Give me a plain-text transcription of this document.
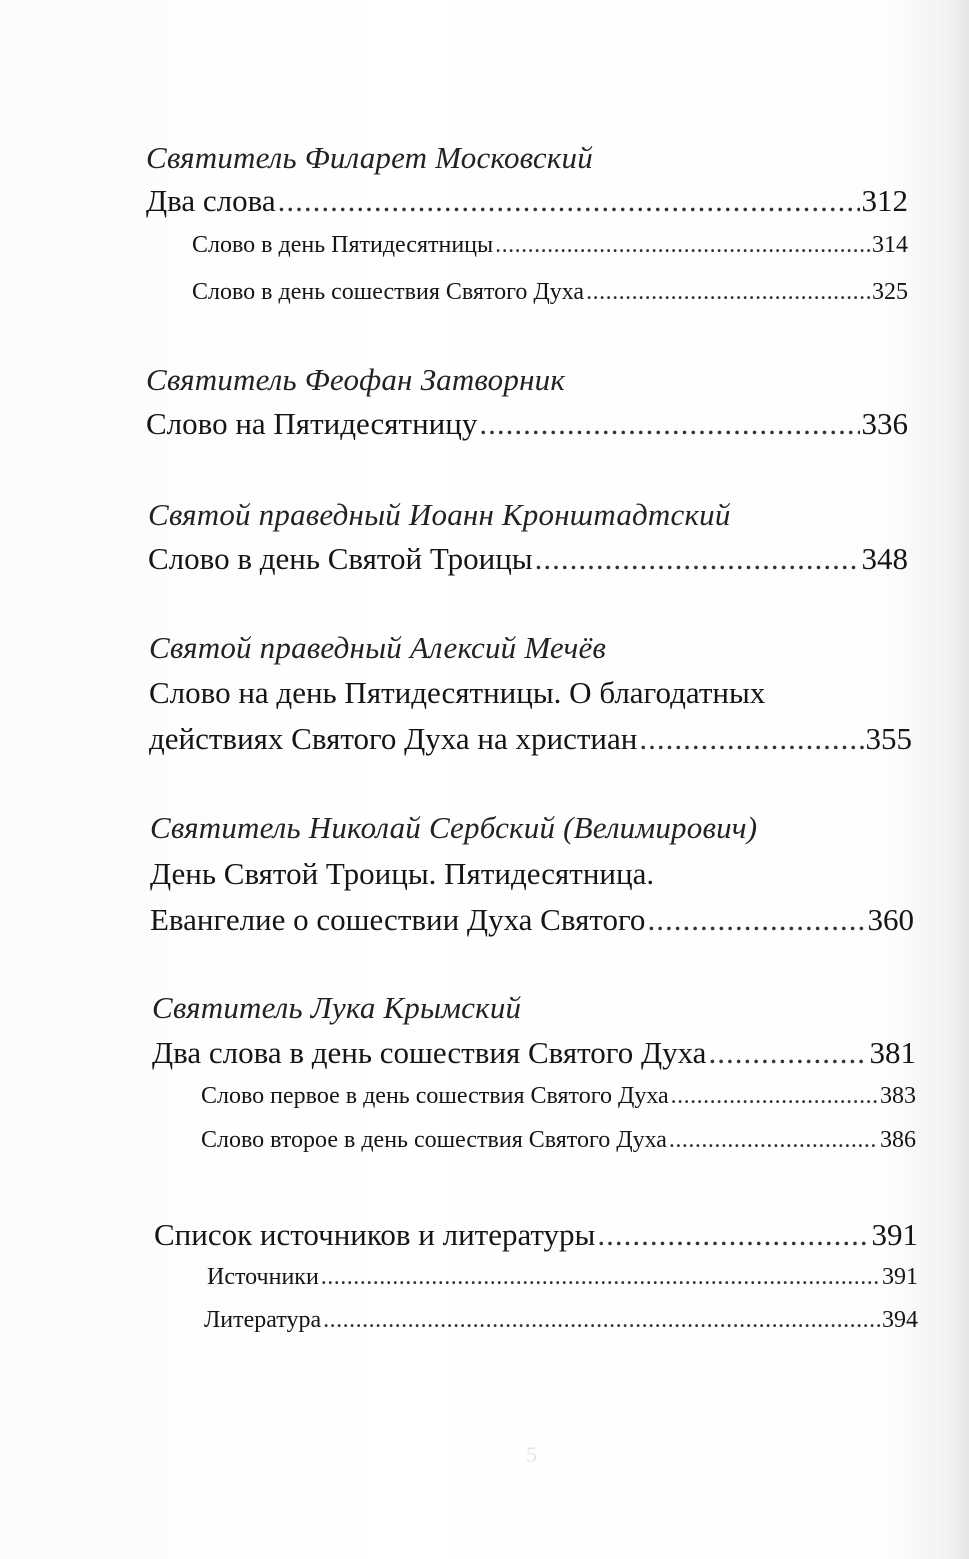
Святитель Филарет Московский
Два слова .....	312
Слово в день Пятидесятницы .....	314
Слово в день сошествия Святого Духа .....	325
Святитель Феофан Затворник
Слово на Пятидесятницу .....	336
Святой праведный Иоанн Кронштадтский
Слово в день Святой Троицы .....	348
Святой праведный Алексий Мечёв
Слово на день Пятидесятницы. О благодатных
действиях Святого Духа на христиан .....	355
Святитель Николай Сербский (Велимирович)
День Святой Троицы. Пятидесятница.
Евангелие о сошествии Духа Святого .....	360
Святитель Лука Крымский
Два слова в день сошествия Святого Духа .....	381
Слово первое в день сошествия Святого Духа .....	383
Слово второе в день сошествия Святого Духа .....	386
Список источников и литературы .....	391
Источники .....	391
Литература .....	394
5
